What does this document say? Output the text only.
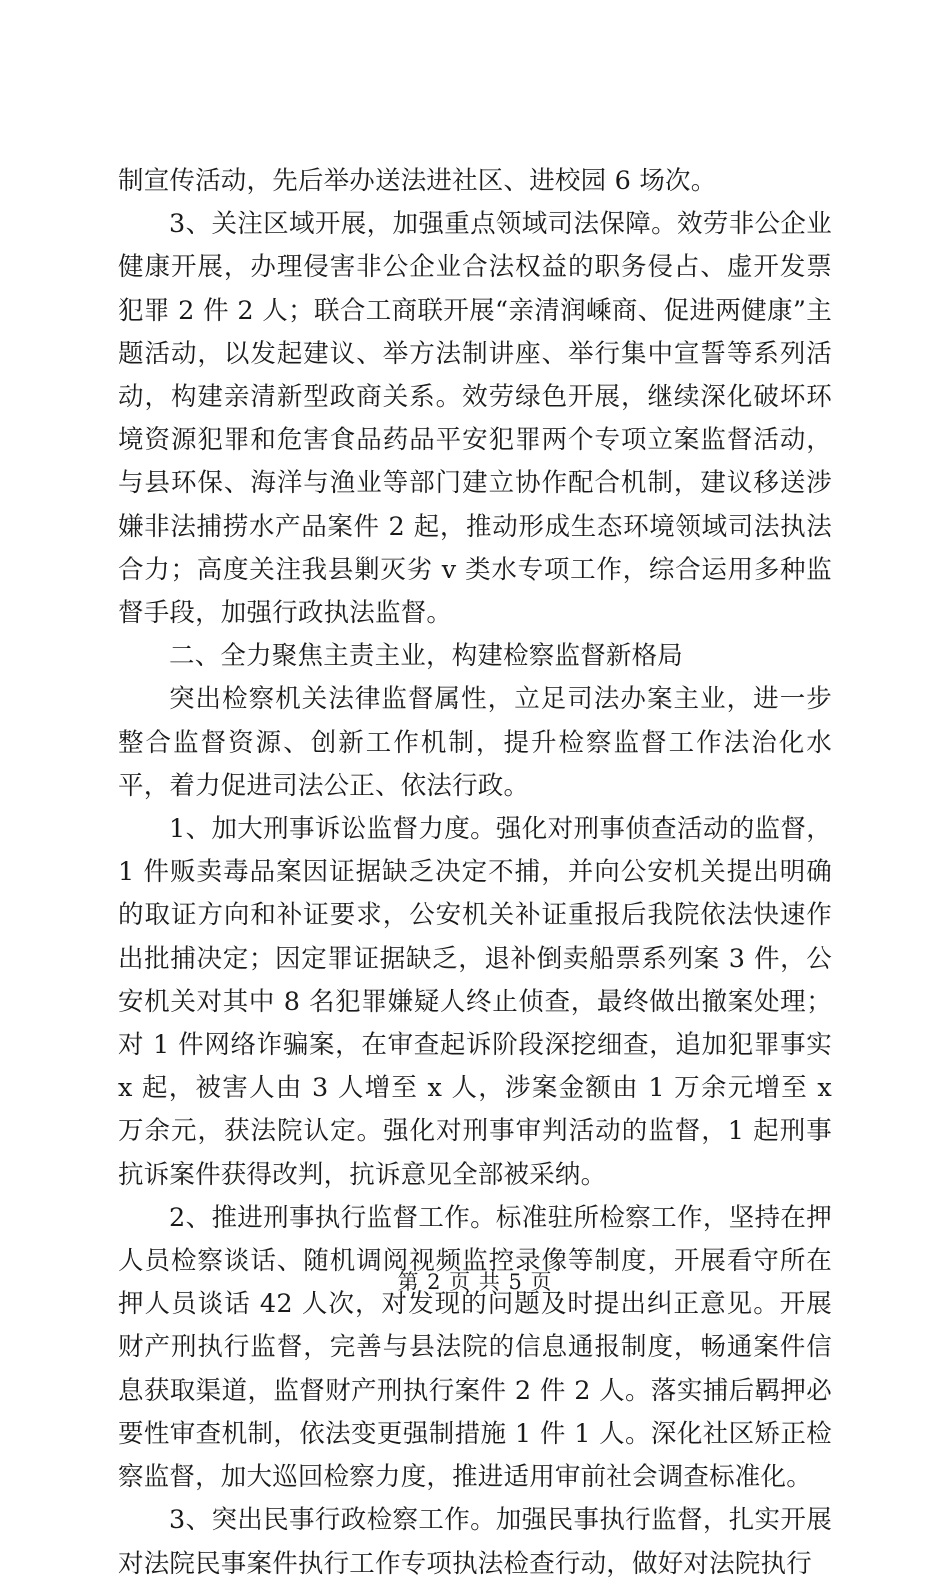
制宣传活动，先后举办送法进社区、进校园 6 场次。

3、关注区域开展，加强重点领域司法保障。效劳非公企业健康开展，办理侵害非公企业合法权益的职务侵占、虚开发票犯罪 2 件 2 人；联合工商联开展“亲清润嵊商、促进两健康”主题活动，以发起建议、举方法制讲座、举行集中宣誓等系列活动，构建亲清新型政商关系。效劳绿色开展，继续深化破坏环境资源犯罪和危害食品药品平安犯罪两个专项立案监督活动，与县环保、海洋与渔业等部门建立协作配合机制，建议移送涉嫌非法捕捞水产品案件 2 起，推动形成生态环境领域司法执法合力；高度关注我县剿灭劣 v 类水专项工作，综合运用多种监督手段，加强行政执法监督。

二、全力聚焦主责主业，构建检察监督新格局

突出检察机关法律监督属性，立足司法办案主业，进一步整合监督资源、创新工作机制，提升检察监督工作法治化水平，着力促进司法公正、依法行政。

1、加大刑事诉讼监督力度。强化对刑事侦查活动的监督，1 件贩卖毒品案因证据缺乏决定不捕，并向公安机关提出明确的取证方向和补证要求，公安机关补证重报后我院依法快速作出批捕决定；因定罪证据缺乏，退补倒卖船票系列案 3 件，公安机关对其中 8 名犯罪嫌疑人终止侦查，最终做出撤案处理；对 1 件网络诈骗案，在审查起诉阶段深挖细查，追加犯罪事实 x 起，被害人由 3 人增至 x 人，涉案金额由 1 万余元增至 x 万余元，获法院认定。强化对刑事审判活动的监督，1 起刑事抗诉案件获得改判，抗诉意见全部被采纳。

2、推进刑事执行监督工作。标准驻所检察工作，坚持在押人员检察谈话、随机调阅视频监控录像等制度，开展看守所在押人员谈话 42 人次，对发现的问题及时提出纠正意见。开展财产刑执行监督，完善与县法院的信息通报制度，畅通案件信息获取渠道，监督财产刑执行案件 2 件 2 人。落实捕后羁押必要性审查机制，依法变更强制措施 1 件 1 人。深化社区矫正检察监督，加大巡回检察力度，推进适用审前社会调查标准化。

3、突出民事行政检察工作。加强民事执行监督，扎实开展对法院民事案件执行工作专项执法检查行动，做好对法院执行

第 2 页 共 5 页
